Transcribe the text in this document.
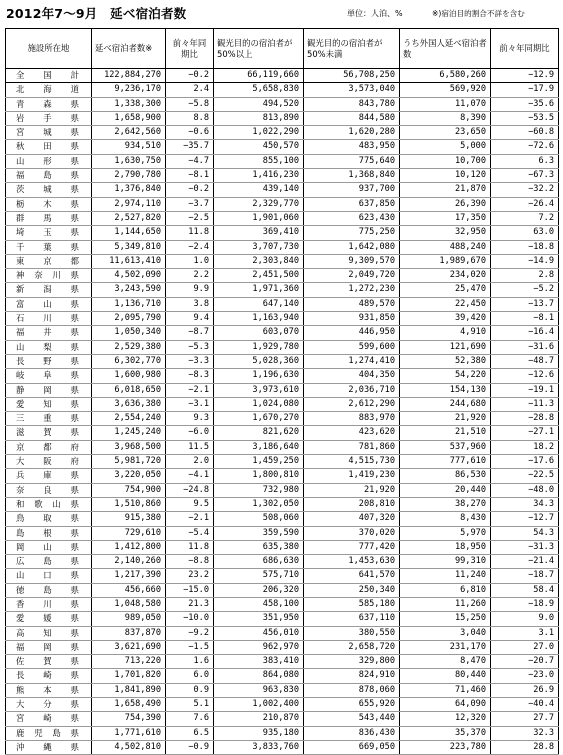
2012年7～9月　延べ宿泊者数	単位：人泊、%	※)宿泊目的割合不詳を含む
施設所在地	延べ宿泊者数※	前々年同期比	観光目的の宿泊者が50%以上	観光目的の宿泊者が50%未満	うち外国人延べ宿泊者数	前々年同期比
全　国　計	122,884,270	−0.2	66,119,660	56,708,250	6,580,260	−12.9
北　海　道	9,236,170	2.4	5,658,830	3,573,040	569,920	−17.9
青　森　県	1,338,300	−5.8	494,520	843,780	11,070	−35.6
岩　手　県	1,658,900	8.8	813,890	844,580	8,390	−53.5
宮　城　県	2,642,560	−0.6	1,022,290	1,620,280	23,650	−60.8
秋　田　県	934,510	−35.7	450,570	483,950	5,000	−72.6
山　形　県	1,630,750	−4.7	855,100	775,640	10,700	6.3
福　島　県	2,790,780	−8.1	1,416,230	1,368,840	10,120	−67.3
茨　城　県	1,376,840	−0.2	439,140	937,700	21,870	−32.2
栃　木　県	2,974,110	−3.7	2,329,770	637,850	26,390	−26.4
群　馬　県	2,527,820	−2.5	1,901,060	623,430	17,350	7.2
埼　玉　県	1,144,650	11.8	369,410	775,250	32,950	63.0
千　葉　県	5,349,810	−2.4	3,707,730	1,642,080	488,240	−18.8
東　京　都	11,613,410	1.0	2,303,840	9,309,570	1,989,670	−14.9
神奈川県	4,502,090	2.2	2,451,500	2,049,720	234,020	2.8
新　潟　県	3,243,590	9.9	1,971,360	1,272,230	25,470	−5.2
富　山　県	1,136,710	3.8	647,140	489,570	22,450	−13.7
石　川　県	2,095,790	9.4	1,163,940	931,850	39,420	−8.1
福　井　県	1,050,340	−8.7	603,070	446,950	4,910	−16.4
山　梨　県	2,529,380	−5.3	1,929,780	599,600	121,690	−31.6
長　野　県	6,302,770	−3.3	5,028,360	1,274,410	52,380	−48.7
岐　阜　県	1,600,980	−8.3	1,196,630	404,350	54,220	−12.6
静　岡　県	6,018,650	−2.1	3,973,610	2,036,710	154,130	−19.1
愛　知　県	3,636,380	−3.1	1,024,080	2,612,290	244,680	−11.3
三　重　県	2,554,240	9.3	1,670,270	883,970	21,920	−28.8
滋　賀　県	1,245,240	−6.0	821,620	423,620	21,510	−27.1
京　都　府	3,968,500	11.5	3,186,640	781,860	537,960	18.2
大　阪　府	5,981,720	2.0	1,459,250	4,515,730	777,610	−17.6
兵　庫　県	3,220,050	−4.1	1,800,810	1,419,230	86,530	−22.5
奈　良　県	754,900	−24.8	732,980	21,920	20,440	−48.0
和歌山県	1,510,860	9.5	1,302,050	208,810	38,270	34.3
鳥　取　県	915,380	−2.1	508,060	407,320	8,430	−12.7
島　根　県	729,610	−5.4	359,590	370,020	5,970	54.3
岡　山　県	1,412,800	11.8	635,380	777,420	18,950	−31.3
広　島　県	2,140,260	−8.8	686,630	1,453,630	99,310	−21.4
山　口　県	1,217,390	23.2	575,710	641,570	11,240	−18.7
徳　島　県	456,660	−15.0	206,320	250,340	6,810	58.4
香　川　県	1,048,580	21.3	458,100	585,180	11,260	−18.9
愛　媛　県	989,050	−10.0	351,950	637,110	15,250	9.0
高　知　県	837,870	−9.2	456,010	380,550	3,040	3.1
福　岡　県	3,621,690	−1.5	962,970	2,658,720	231,170	27.0
佐　賀　県	713,220	1.6	383,410	329,800	8,470	−20.7
長　崎　県	1,701,820	6.0	864,080	824,910	80,440	−23.0
熊　本　県	1,841,890	0.9	963,830	878,060	71,460	26.9
大　分　県	1,658,490	5.1	1,002,400	655,920	64,090	−40.4
宮　崎　県	754,390	7.6	210,870	543,440	12,320	27.7
鹿児島県	1,771,610	6.5	935,180	836,430	35,370	32.3
沖　縄　県	4,502,810	−0.9	3,833,760	669,050	223,780	28.8
